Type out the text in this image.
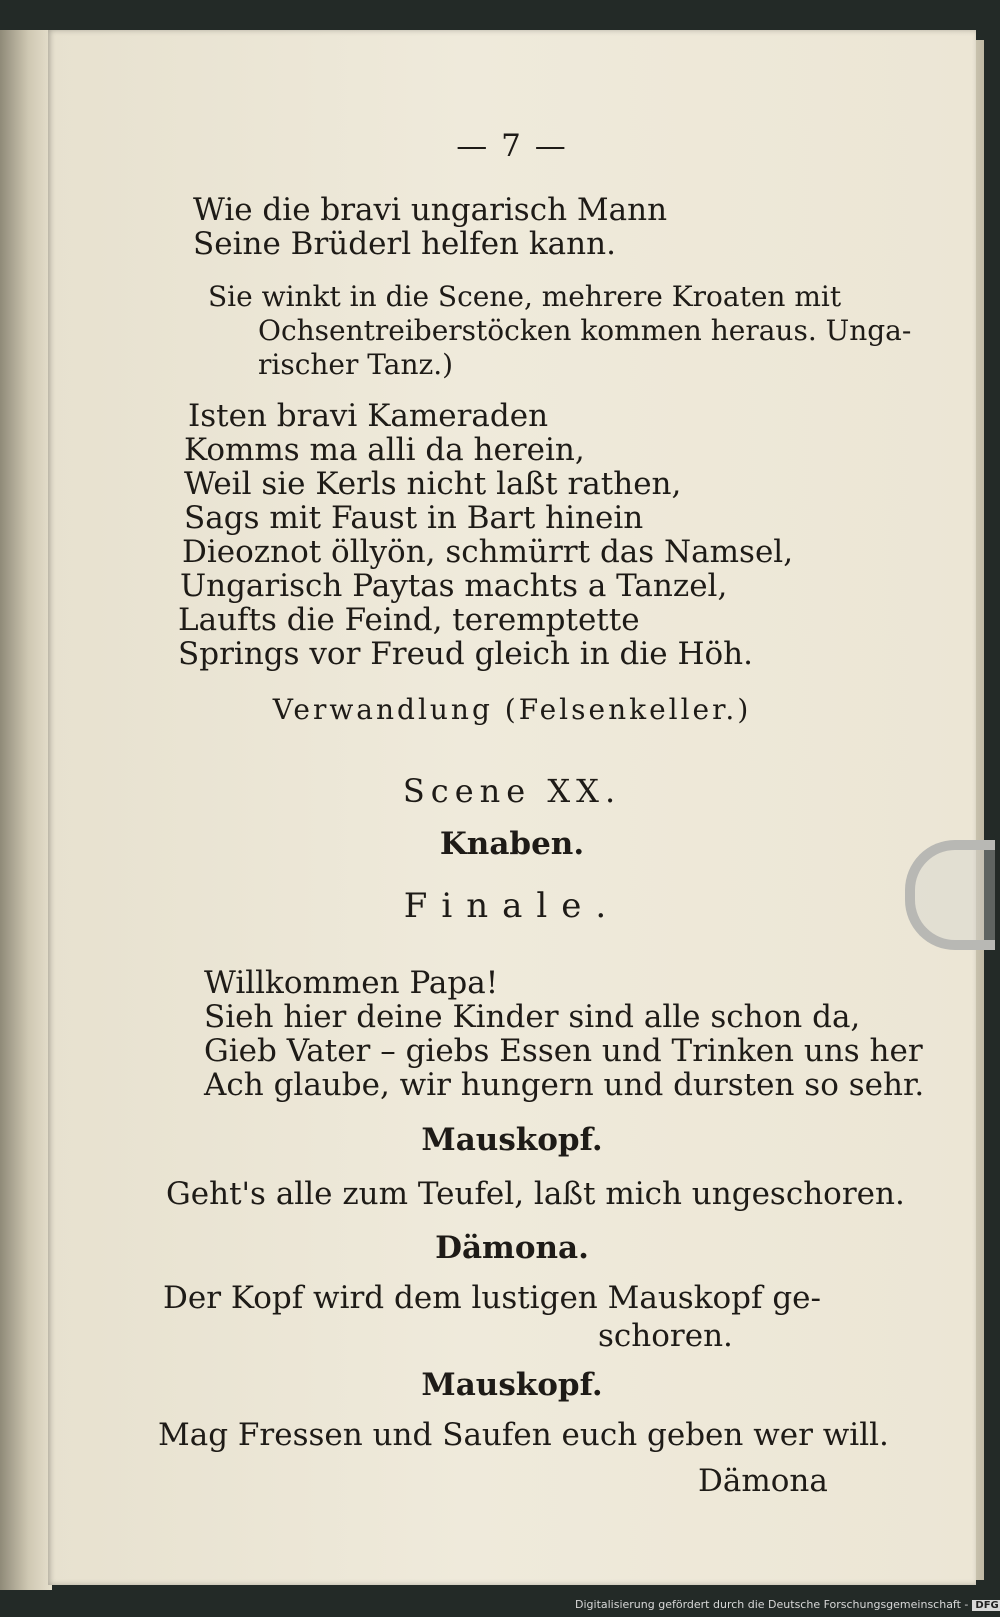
— 7 —

Wie die bravi ungarisch Mann

Seine Brüderl helfen kann.

Sie winkt in die Scene, mehrere Kroaten mit

Ochsentreiberstöcken kommen heraus. Unga-

rischer Tanz.)

Isten bravi Kameraden

Komms ma alli da herein,

Weil sie Kerls nicht laßt rathen,

Sags mit Faust in Bart hinein

Dieoznot öllyön, schmürrt das Namsel,

Ungarisch Paytas machts a Tanzel,

Laufts die Feind, teremptette

Springs vor Freud gleich in die Höh.

Verwandlung (Felsenkeller.)

Scene XX.

Knaben.

Finale.

Willkommen Papa!

Sieh hier deine Kinder sind alle schon da,

Gieb Vater – giebs Essen und Trinken uns her

Ach glaube, wir hungern und dursten so sehr.

Mauskopf.

Geht's alle zum Teufel, laßt mich ungeschoren.

Dämona.

Der Kopf wird dem lustigen Mauskopf ge-

schoren.

Mauskopf.

Mag Fressen und Saufen euch geben wer will.

Dämona

Digitalisierung gefördert durch die Deutsche Forschungsgemeinschaft - DFG
